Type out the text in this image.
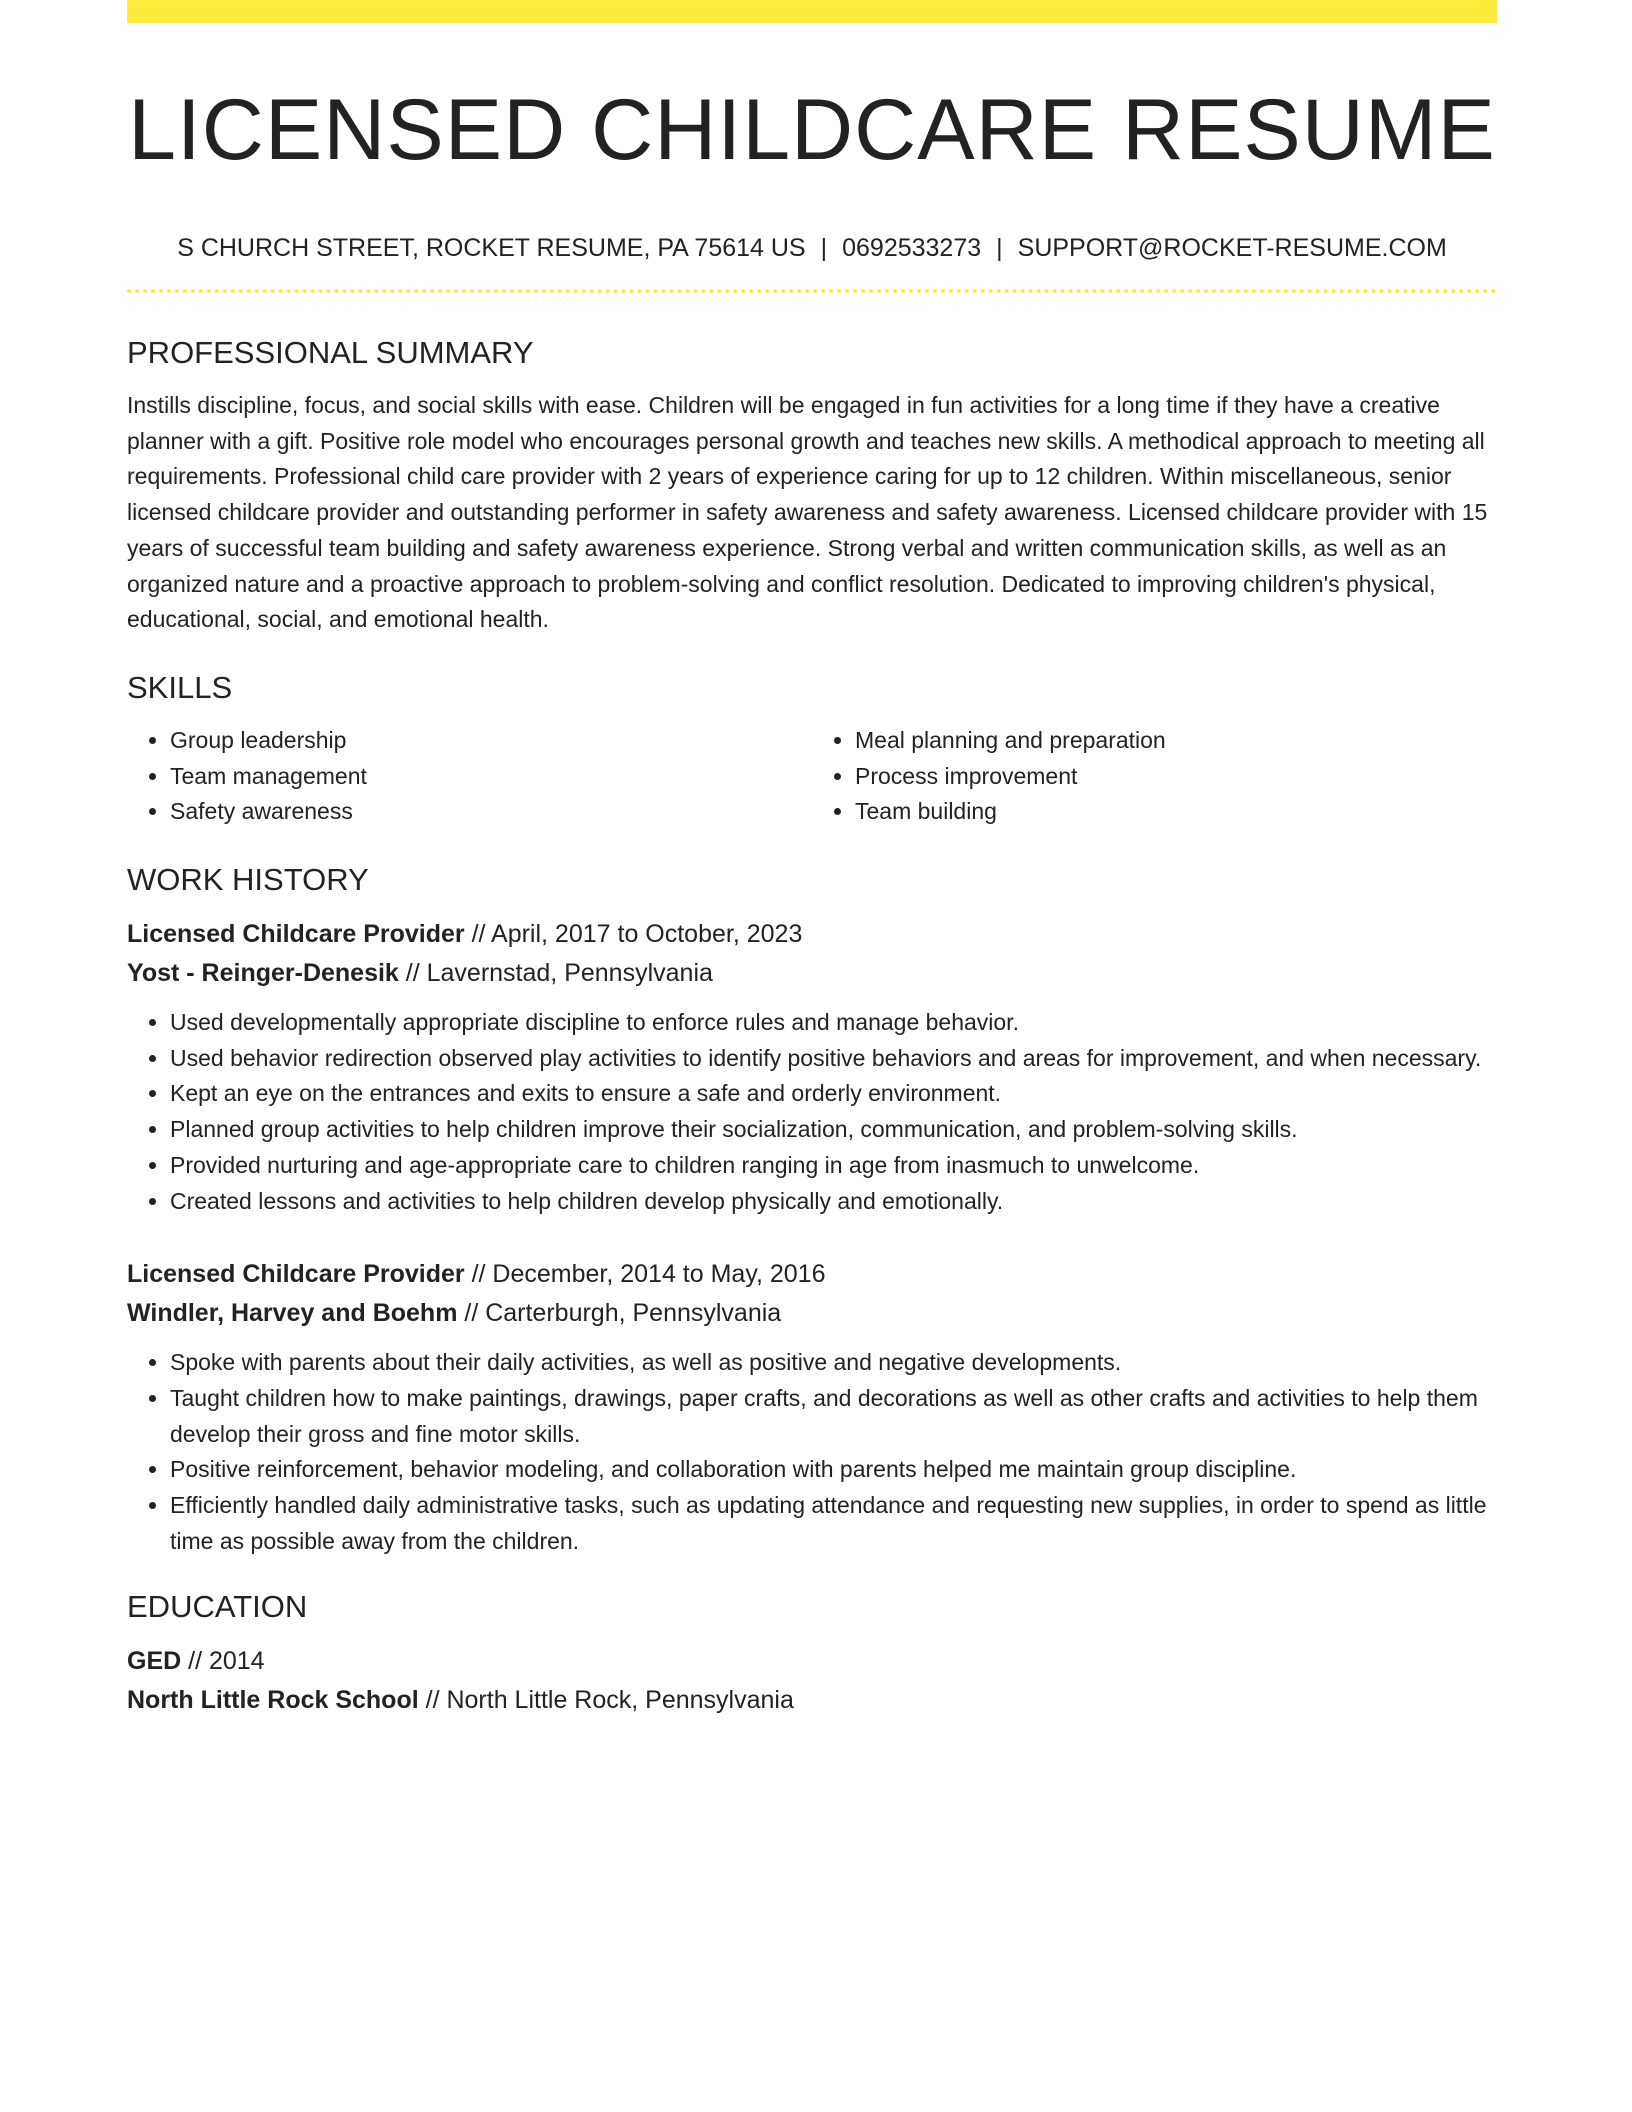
LICENSED CHILDCARE RESUME
S CHURCH STREET, ROCKET RESUME, PA 75614 US | 0692533273 | SUPPORT@ROCKET-RESUME.COM
PROFESSIONAL SUMMARY
Instills discipline, focus, and social skills with ease. Children will be engaged in fun activities for a long time if they have a creative planner with a gift. Positive role model who encourages personal growth and teaches new skills. A methodical approach to meeting all requirements. Professional child care provider with 2 years of experience caring for up to 12 children. Within miscellaneous, senior licensed childcare provider and outstanding performer in safety awareness and safety awareness. Licensed childcare provider with 15 years of successful team building and safety awareness experience. Strong verbal and written communication skills, as well as an organized nature and a proactive approach to problem-solving and conflict resolution. Dedicated to improving children's physical, educational, social, and emotional health.
SKILLS
• Group leadership
• Team management
• Safety awareness
• Meal planning and preparation
• Process improvement
• Team building
WORK HISTORY
Licensed Childcare Provider // April, 2017 to October, 2023
Yost - Reinger-Denesik // Lavernstad, Pennsylvania
• Used developmentally appropriate discipline to enforce rules and manage behavior.
• Used behavior redirection observed play activities to identify positive behaviors and areas for improvement, and when necessary.
• Kept an eye on the entrances and exits to ensure a safe and orderly environment.
• Planned group activities to help children improve their socialization, communication, and problem-solving skills.
• Provided nurturing and age-appropriate care to children ranging in age from inasmuch to unwelcome.
• Created lessons and activities to help children develop physically and emotionally.
Licensed Childcare Provider // December, 2014 to May, 2016
Windler, Harvey and Boehm // Carterburgh, Pennsylvania
• Spoke with parents about their daily activities, as well as positive and negative developments.
• Taught children how to make paintings, drawings, paper crafts, and decorations as well as other crafts and activities to help them develop their gross and fine motor skills.
• Positive reinforcement, behavior modeling, and collaboration with parents helped me maintain group discipline.
• Efficiently handled daily administrative tasks, such as updating attendance and requesting new supplies, in order to spend as little time as possible away from the children.
EDUCATION
GED // 2014
North Little Rock School // North Little Rock, Pennsylvania
